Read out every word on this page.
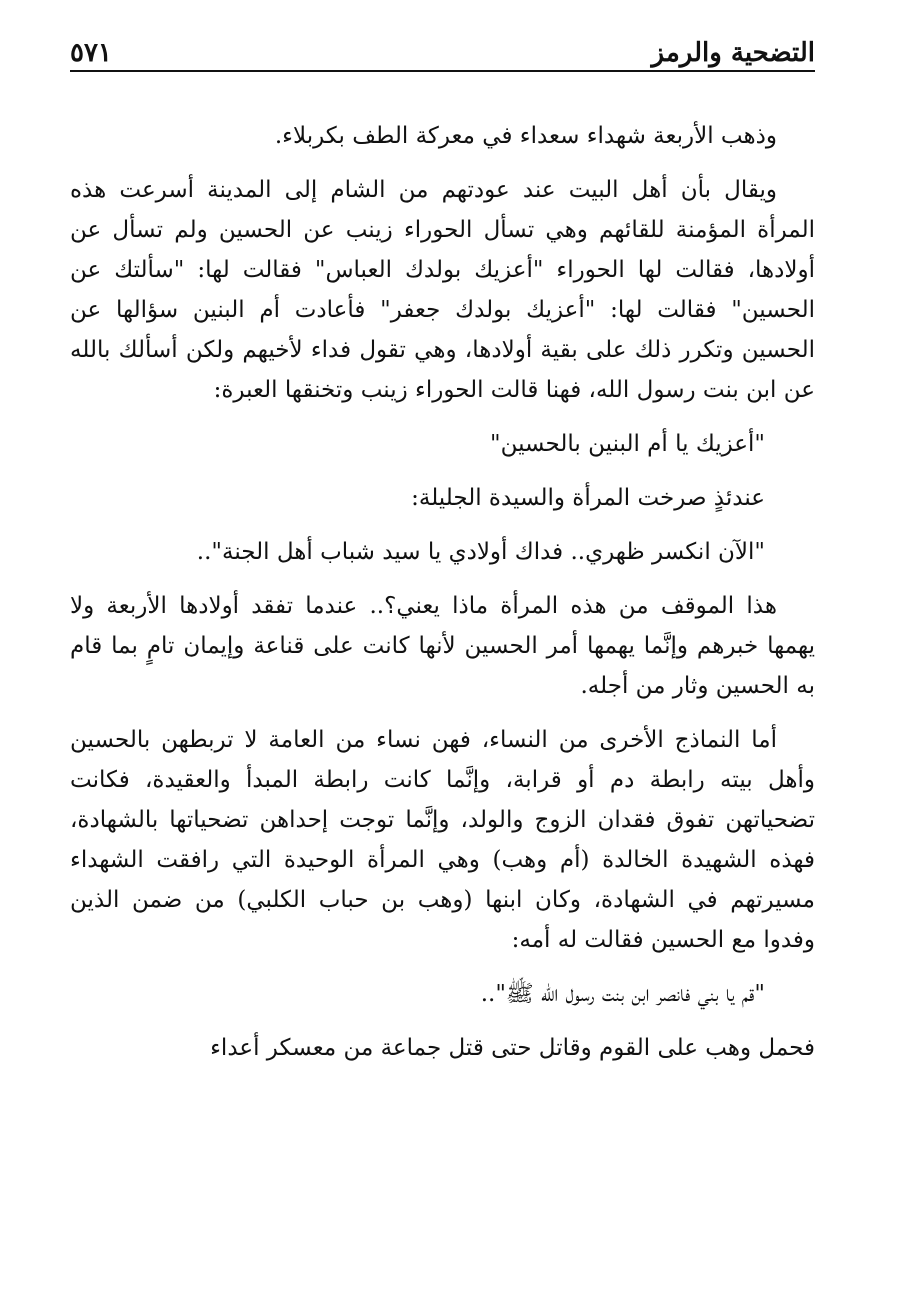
التضحية والرمز
٥٧١

وذهب الأربعة شهداء سعداء في معركة الطف بكربلاء.

ويقال بأن أهل البيت عند عودتهم من الشام إلى المدينة أسرعت هذه المرأة المؤمنة للقائهم وهي تسأل الحوراء زينب عن الحسين ولم تسأل عن أولادها، فقالت لها الحوراء "أعزيك بولدك العباس" فقالت لها: "سألتك عن الحسين" فقالت لها: "أعزيك بولدك جعفر" فأعادت أم البنين سؤالها عن الحسين وتكرر ذلك على بقية أولادها، وهي تقول فداء لأخيهم ولكن أسألك بالله عن ابن بنت رسول الله، فهنا قالت الحوراء زينب وتخنقها العبرة:

"أعزيك يا أم البنين بالحسين"

عندئذٍ صرخت المرأة والسيدة الجليلة:

"الآن انكسر ظهري.. فداك أولادي يا سيد شباب أهل الجنة"..

هذا الموقف من هذه المرأة ماذا يعني؟.. عندما تفقد أولادها الأربعة ولا يهمها خبرهم وإنَّما يهمها أمر الحسين لأنها كانت على قناعة وإيمان تامٍ بما قام به الحسين وثار من أجله.

أما النماذج الأخرى من النساء، فهن نساء من العامة لا تربطهن بالحسين وأهل بيته رابطة دم أو قرابة، وإنَّما كانت رابطة المبدأ والعقيدة، فكانت تضحياتهن تفوق فقدان الزوج والولد، وإنَّما توجت إحداهن تضحياتها بالشهادة، فهذه الشهيدة الخالدة (أم وهب) وهي المرأة الوحيدة التي رافقت الشهداء مسيرتهم في الشهادة، وكان ابنها (وهب بن حباب الكلبي) من ضمن الذين وفدوا مع الحسين فقالت له أمه:

"قم يا بني فانصر ابن بنت رسول الله ﷺ"..

فحمل وهب على القوم وقاتل حتى قتل جماعة من معسكر أعداء
